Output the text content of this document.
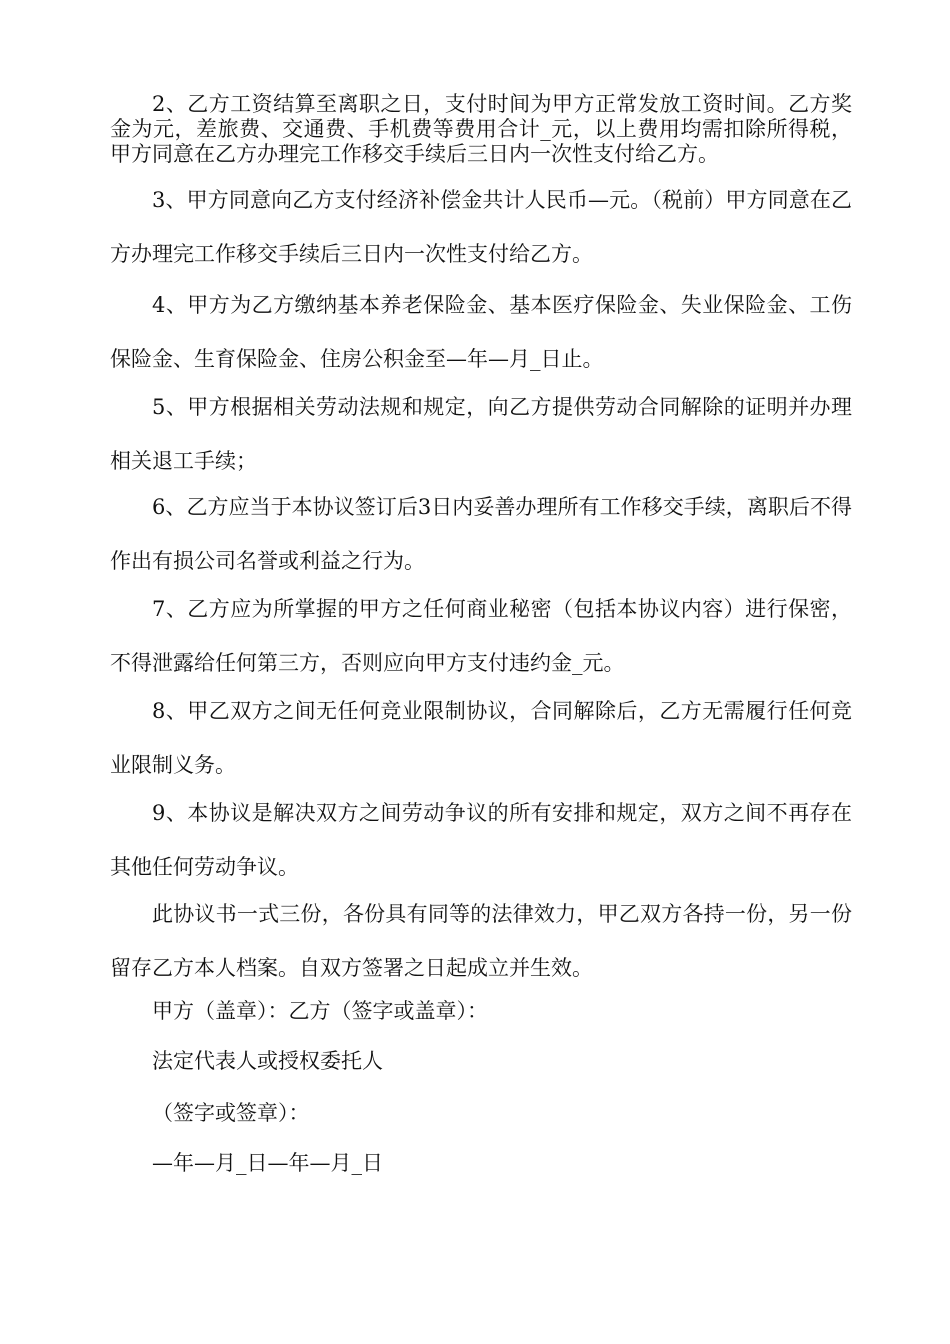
2、乙方工资结算至离职之日，支付时间为甲方正常发放工资时间。乙方奖金为元，差旅费、交通费、手机费等费用合计_元，以上费用均需扣除所得税，甲方同意在乙方办理完工作移交手续后三日内一次性支付给乙方。

3、甲方同意向乙方支付经济补偿金共计人民币—元。（税前）甲方同意在乙方办理完工作移交手续后三日内一次性支付给乙方。

4、甲方为乙方缴纳基本养老保险金、基本医疗保险金、失业保险金、工伤保险金、生育保险金、住房公积金至—年—月_日止。

5、甲方根据相关劳动法规和规定，向乙方提供劳动合同解除的证明并办理相关退工手续；

6、乙方应当于本协议签订后3日内妥善办理所有工作移交手续，离职后不得作出有损公司名誉或利益之行为。

7、乙方应为所掌握的甲方之任何商业秘密（包括本协议内容）进行保密，不得泄露给任何第三方，否则应向甲方支付违约金_元。

8、甲乙双方之间无任何竞业限制协议，合同解除后，乙方无需履行任何竞业限制义务。

9、本协议是解决双方之间劳动争议的所有安排和规定，双方之间不再存在其他任何劳动争议。

此协议书一式三份，各份具有同等的法律效力，甲乙双方各持一份，另一份留存乙方本人档案。自双方签署之日起成立并生效。

甲方（盖章）：乙方（签字或盖章）：
法定代表人或授权委托人
（签字或签章）：
—年—月_日—年—月_日
